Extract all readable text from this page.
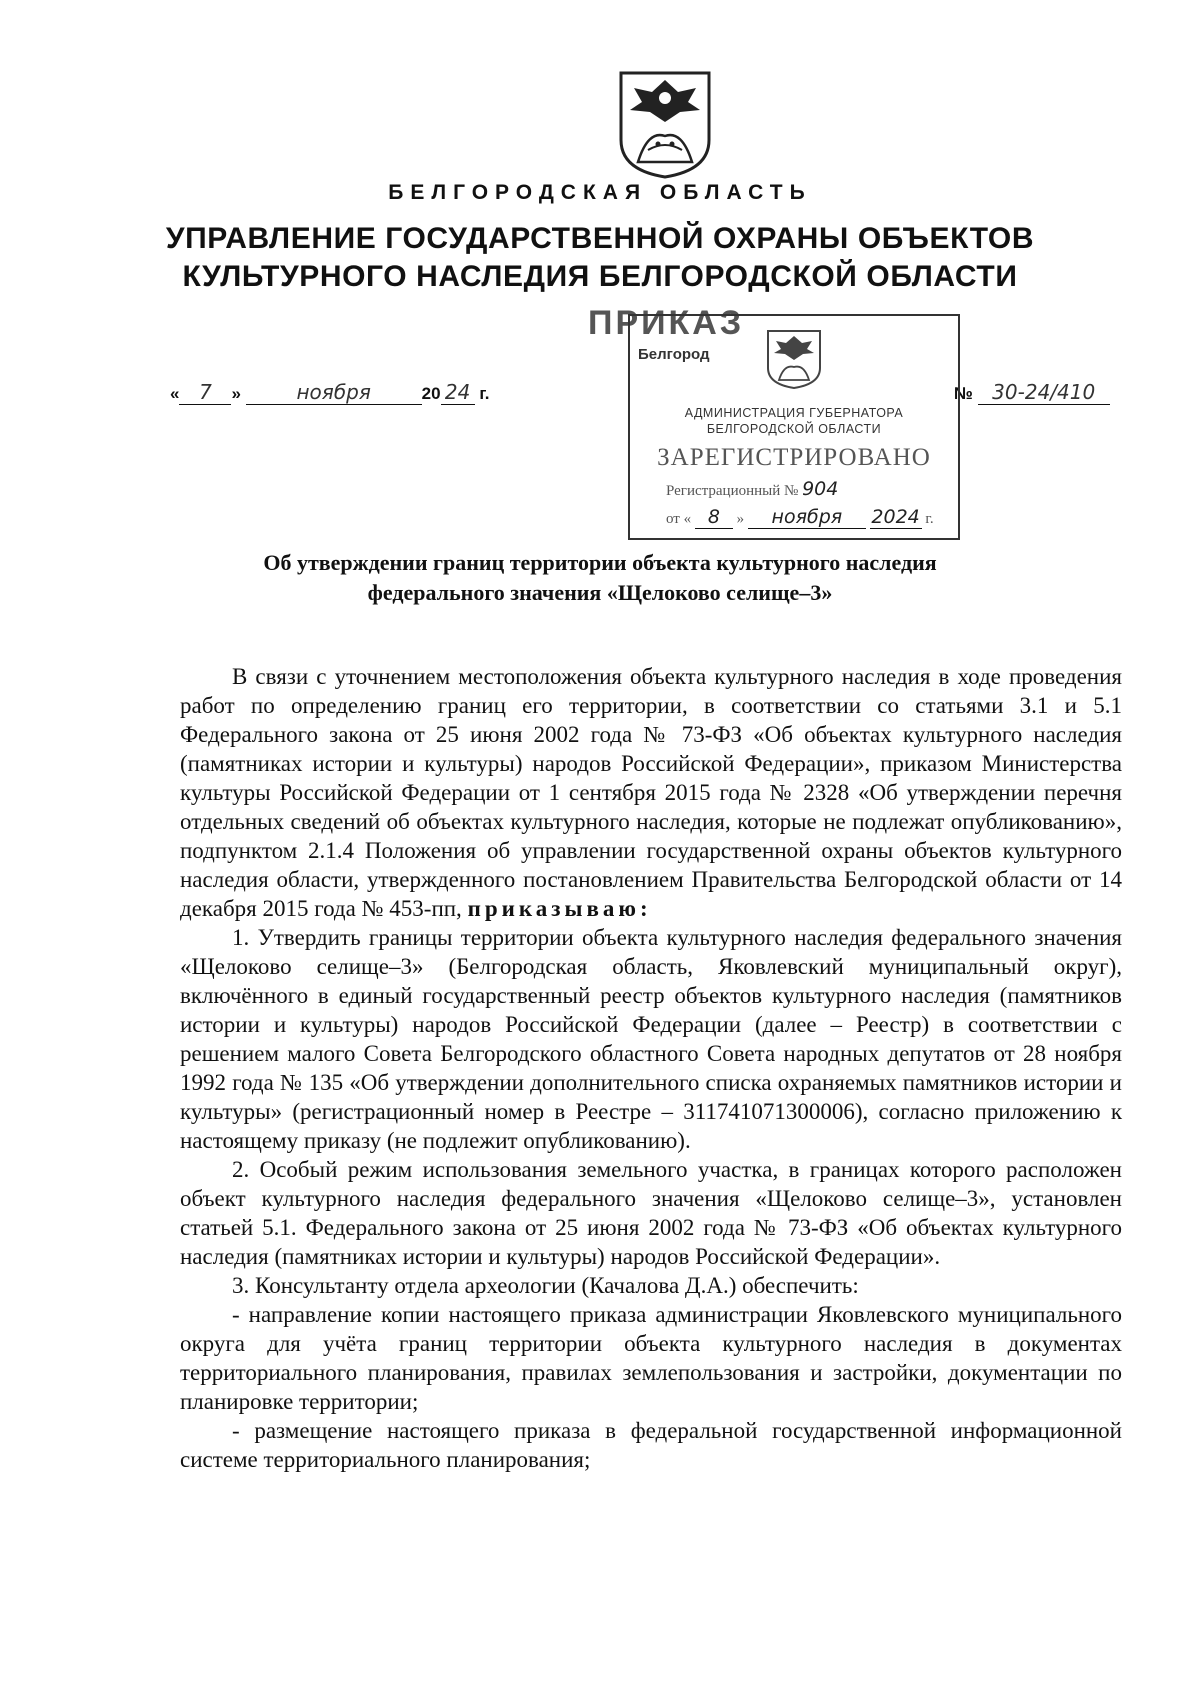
БЕЛГОРОДСКАЯ ОБЛАСТЬ
УПРАВЛЕНИЕ ГОСУДАРСТВЕННОЙ ОХРАНЫ ОБЪЕКТОВ
КУЛЬТУРНОГО НАСЛЕДИЯ БЕЛГОРОДСКОЙ ОБЛАСТИ
ПРИКАЗ
« 7 »	ноября	20 24 г.	№ 30-24/410
Белгород
АДМИНИСТРАЦИЯ ГУБЕРНАТОРА
БЕЛГОРОДСКОЙ ОБЛАСТИ
ЗАРЕГИСТРИРОВАНО
Регистрационный № 904
от « 8 » ноября 2024 г.
Об утверждении границ территории объекта культурного наследия
федерального значения «Щелоково селище–3»

В связи с уточнением местоположения объекта культурного наследия в ходе проведения работ по определению границ его территории, в соответствии со статьями 3.1 и 5.1 Федерального закона от 25 июня 2002 года № 73-ФЗ «Об объектах культурного наследия (памятниках истории и культуры) народов Российской Федерации», приказом Министерства культуры Российской Федерации от 1 сентября 2015 года № 2328 «Об утверждении перечня отдельных сведений об объектах культурного наследия, которые не подлежат опубликованию», подпунктом 2.1.4 Положения об управлении государственной охраны объектов культурного наследия области, утвержденного постановлением Правительства Белгородской области от 14 декабря 2015 года № 453-пп, приказываю:

1. Утвердить границы территории объекта культурного наследия федерального значения «Щелоково селище–3» (Белгородская область, Яковлевский муниципальный округ), включённого в единый государственный реестр объектов культурного наследия (памятников истории и культуры) народов Российской Федерации (далее – Реестр) в соответствии с решением малого Совета Белгородского областного Совета народных депутатов от 28 ноября 1992 года № 135 «Об утверждении дополнительного списка охраняемых памятников истории и культуры» (регистрационный номер в Реестре – 311741071300006), согласно приложению к настоящему приказу (не подлежит опубликованию).

2. Особый режим использования земельного участка, в границах которого расположен объект культурного наследия федерального значения «Щелоково селище–3», установлен статьей 5.1. Федерального закона от 25 июня 2002 года № 73-ФЗ «Об объектах культурного наследия (памятниках истории и культуры) народов Российской Федерации».

3. Консультанту отдела археологии (Качалова Д.А.) обеспечить:

- направление копии настоящего приказа администрации Яковлевского муниципального округа для учёта границ территории объекта культурного наследия в документах территориального планирования, правилах землепользования и застройки, документации по планировке территории;

- размещение настоящего приказа в федеральной государственной информационной системе территориального планирования;
